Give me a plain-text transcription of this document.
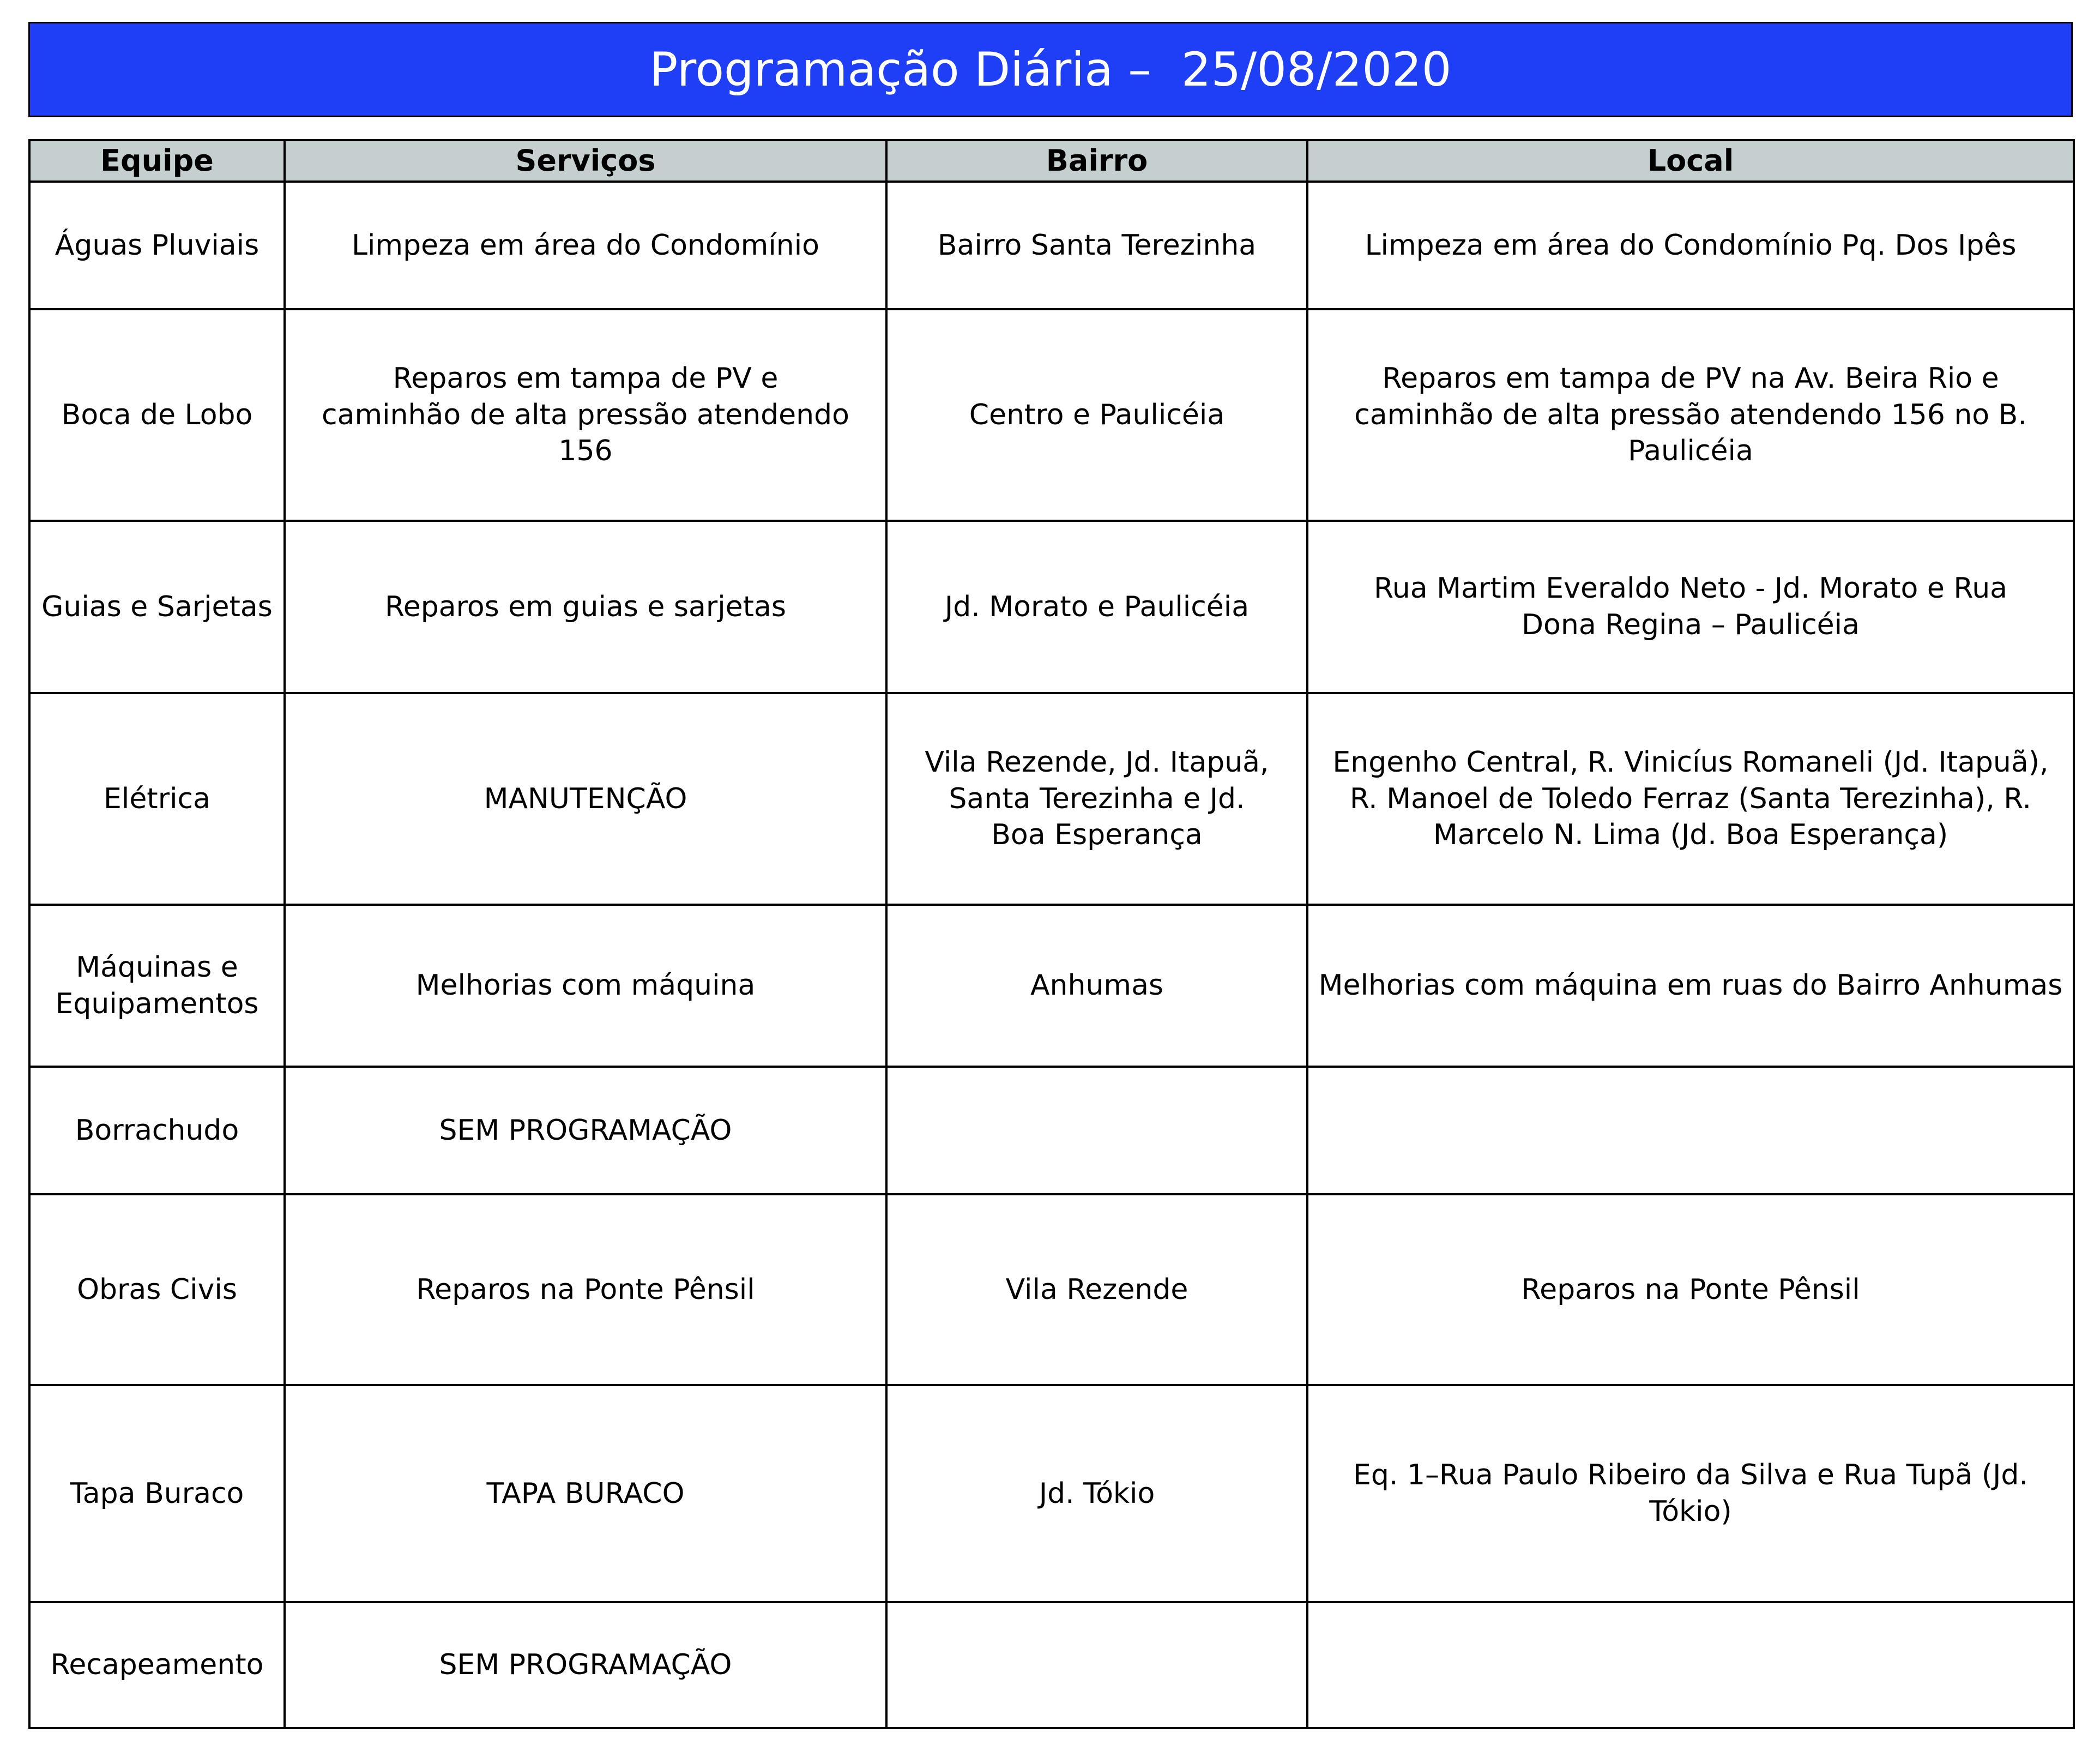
Programação Diária –  25/08/2020
Equipe	Serviços	Bairro	Local
Águas Pluviais	Limpeza em área do Condomínio	Bairro Santa Terezinha	Limpeza em área do Condomínio Pq. Dos Ipês
Boca de Lobo	Reparos em tampa de PV e
caminhão de alta pressão atendendo 156	Centro e Paulicéia	Reparos em tampa de PV na Av. Beira Rio e
caminhão de alta pressão atendendo 156 no B. Paulicéia
Guias e Sarjetas	Reparos em guias e sarjetas	Jd. Morato e Paulicéia	Rua Martim Everaldo Neto - Jd. Morato e Rua
Dona Regina – Paulicéia
Elétrica	MANUTENÇÃO	Vila Rezende, Jd. Itapuã,
Santa Terezinha e Jd.
Boa Esperança	Engenho Central, R. Vinicíus Romaneli (Jd. Itapuã),
R. Manoel de Toledo Ferraz (Santa Terezinha), R.
Marcelo N. Lima (Jd. Boa Esperança)
Máquinas e
Equipamentos	Melhorias com máquina	Anhumas	Melhorias com máquina em ruas do Bairro Anhumas
Borrachudo	SEM PROGRAMAÇÃO		
Obras Civis	Reparos na Ponte Pênsil	Vila Rezende	Reparos na Ponte Pênsil
Tapa Buraco	TAPA BURACO	Jd. Tókio	Eq. 1–Rua Paulo Ribeiro da Silva e Rua Tupã (Jd. Tókio)
Recapeamento	SEM PROGRAMAÇÃO		
